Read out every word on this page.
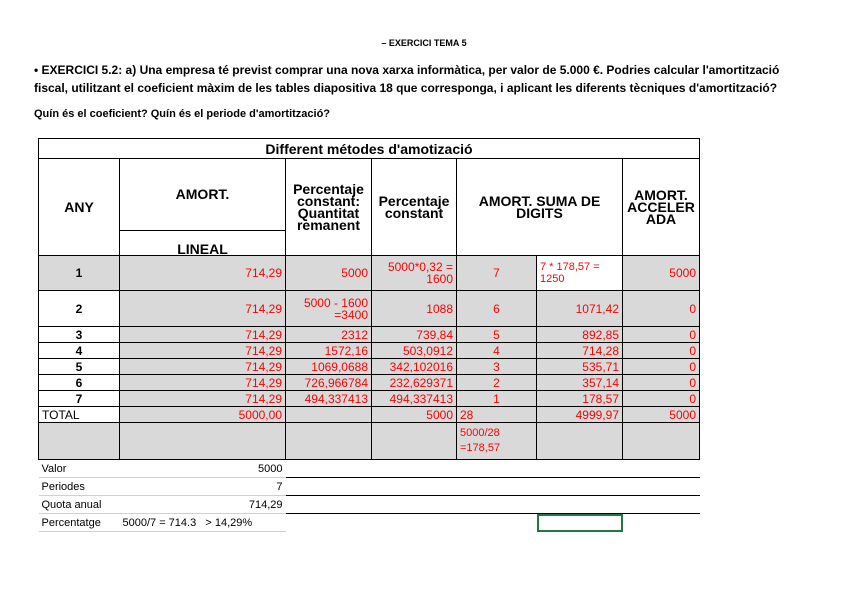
– EXERCICI TEMA 5
• EXERCICI 5.2: a) Una empresa té previst comprar una nova xarxa informàtica, per valor de 5.000 €. Podries calcular l'amortització fiscal, utilitzant el coeficient màxim de les tables diapositiva 18 que corresponga, i aplicant les diferents tècniques d'amortització?
Quín és el coeficient? Quín és el periode d'amortització?
Different métodes d'amotizació						
ANY	AMORT.	Percentaje constant: Quantitat remanent	Percentaje constant	AMORT. SUMA DE DIGITS		AMORT. ACCELER ADA
	LINEAL					
1	714,29	5000	5000*0,32 = 1600	7	7 * 178,57 = 1250	5000
2	714,29	5000 - 1600 =3400	1088	6	1071,42	0
3	714,29	2312	739,84	5	892,85	0
4	714,29	1572,16	503,0912	4	714,28	0
5	714,29	1069,0688	342,102016	3	535,71	0
6	714,29	726,966784	232,629371	2	357,14	0
7	714,29	494,337413	494,337413	1	178,57	0
TOTAL	5000,00		5000	28	4999,97	5000
				5000/28 =178,57		
Valor	5000					
Periodes	7					
Quota anual	714,29					
Percentatge	5000/7 = 714.3 > 14,29%					
